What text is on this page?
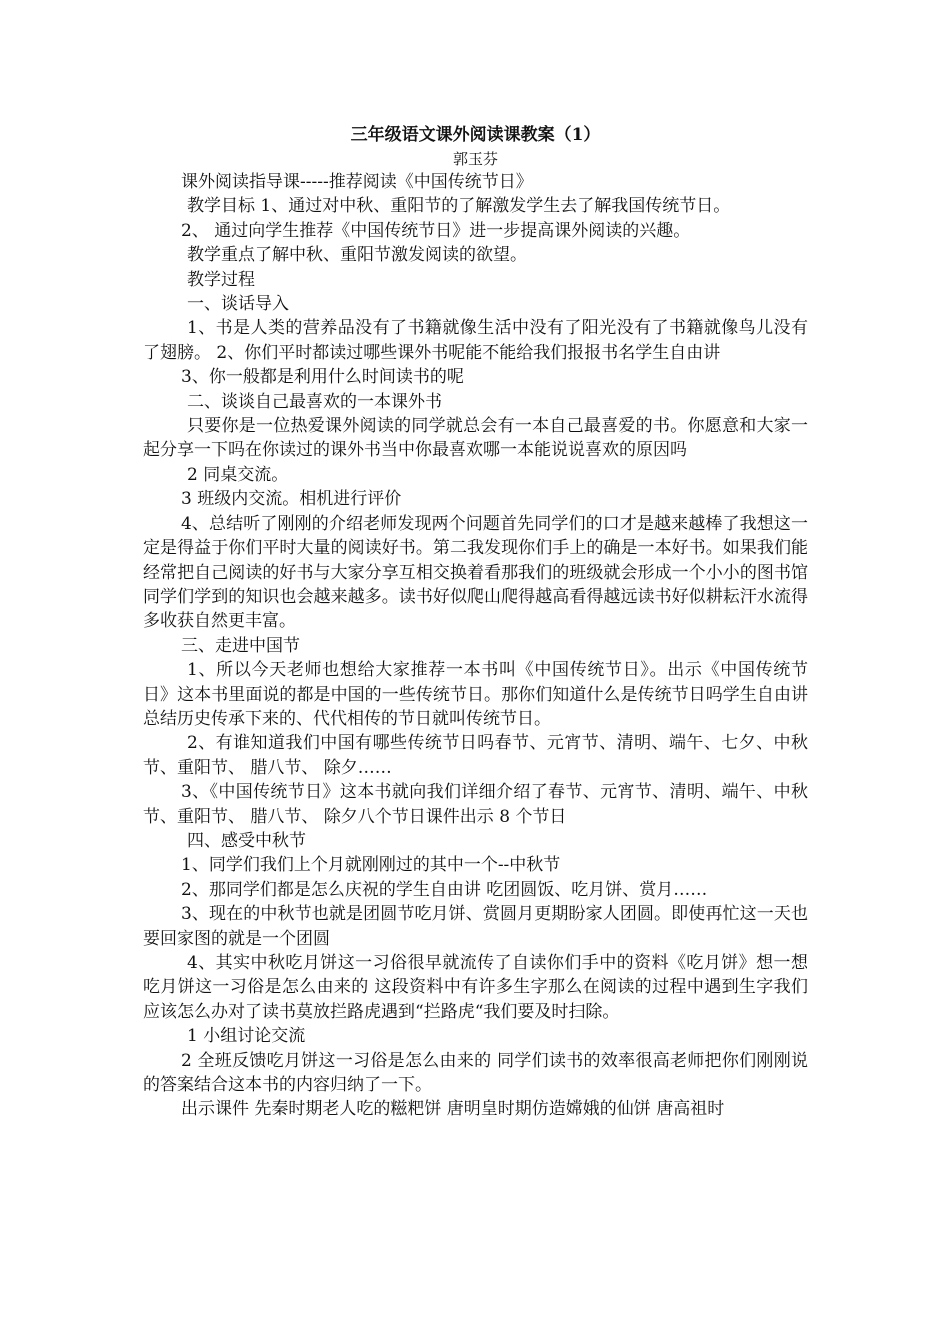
三年级语文课外阅读课教案（1）

郭玉芬

课外阅读指导课-----推荐阅读《中国传统节日》

教学目标 1、通过对中秋、重阳节的了解激发学生去了解我国传统节日。

2、 通过向学生推荐《中国传统节日》进一步提高课外阅读的兴趣。

教学重点了解中秋、重阳节激发阅读的欲望。

教学过程

一、谈话导入

1、书是人类的营养品没有了书籍就像生活中没有了阳光没有了书籍就像鸟儿没有了翅膀。 2、你们平时都读过哪些课外书呢能不能给我们报报书名学生自由讲

3、你一般都是利用什么时间读书的呢

二、谈谈自己最喜欢的一本课外书

只要你是一位热爱课外阅读的同学就总会有一本自己最喜爱的书。你愿意和大家一起分享一下吗在你读过的课外书当中你最喜欢哪一本能说说喜欢的原因吗

2 同桌交流。

3 班级内交流。相机进行评价

4、总结听了刚刚的介绍老师发现两个问题首先同学们的口才是越来越棒了我想这一定是得益于你们平时大量的阅读好书。第二我发现你们手上的确是一本好书。如果我们能经常把自己阅读的好书与大家分享互相交换着看那我们的班级就会形成一个小小的图书馆同学们学到的知识也会越来越多。读书好似爬山爬得越高看得越远读书好似耕耘汗水流得多收获自然更丰富。

三、走进中国节

1、所以今天老师也想给大家推荐一本书叫《中国传统节日》。出示《中国传统节日》这本书里面说的都是中国的一些传统节日。那你们知道什么是传统节日吗学生自由讲 总结历史传承下来的、代代相传的节日就叫传统节日。

2、有谁知道我们中国有哪些传统节日吗春节、元宵节、清明、端午、七夕、中秋节、重阳节、 腊八节、 除夕……

3、《中国传统节日》这本书就向我们详细介绍了春节、元宵节、清明、端午、中秋节、重阳节、 腊八节、 除夕八个节日课件出示 8 个节日

四、感受中秋节

1、同学们我们上个月就刚刚过的其中一个--中秋节

2、那同学们都是怎么庆祝的学生自由讲 吃团圆饭、吃月饼、赏月……

3、现在的中秋节也就是团圆节吃月饼、赏圆月更期盼家人团圆。即使再忙这一天也要回家图的就是一个团圆

4、其实中秋吃月饼这一习俗很早就流传了自读你们手中的资料《吃月饼》想一想吃月饼这一习俗是怎么由来的 这段资料中有许多生字那么在阅读的过程中遇到生字我们应该怎么办对了读书莫放拦路虎遇到“拦路虎“我们要及时扫除。

1 小组讨论交流

2 全班反馈吃月饼这一习俗是怎么由来的 同学们读书的效率很高老师把你们刚刚说的答案结合这本书的内容归纳了一下。

出示课件 先秦时期老人吃的糍粑饼 唐明皇时期仿造嫦娥的仙饼 唐高祖时
